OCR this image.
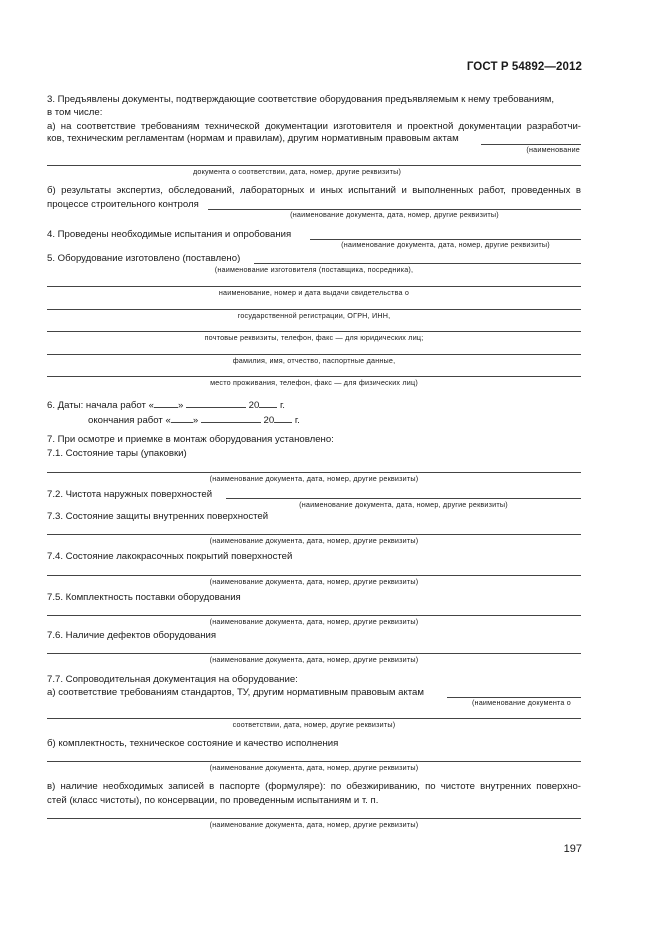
ГОСТ Р 54892—2012
3. Предъявлены документы, подтверждающие соответствие оборудования предъявляемым к нему требованиям,
в том числе:
а) на соответствие требованиям технической документации изготовителя и проектной документации разработчи-
ков, техническим регламентам (нормам и правилам), другим нормативным правовым актам
(наименование
документа о соответствии, дата, номер, другие реквизиты)
б) результаты экспертиз, обследований, лабораторных и иных испытаний и выполненных работ, проведенных в
процессе строительного контроля
(наименование документа, дата, номер, другие реквизиты)
4. Проведены необходимые испытания и опробования
(наименование документа, дата, номер, другие реквизиты)
5. Оборудование изготовлено (поставлено)
(наименование изготовителя (поставщика, посредника),
наименование, номер и дата выдачи свидетельства о
государственной регистрации, ОГРН, ИНН,
почтовые реквизиты, телефон, факс — для юридических лиц;
фамилия, имя, отчество, паспортные данные,
место проживания, телефон, факс — для физических лиц)
6. Даты: начала работ «	»	20 г.
окончания работ « »	20 г.
7. При осмотре и приемке в монтаж оборудования установлено:
7.1. Состояние тары (упаковки)
(наименование документа, дата, номер, другие реквизиты)
7.2. Чистота наружных поверхностей
(наименование документа, дата, номер, другие реквизиты)
7.3. Состояние защиты внутренних поверхностей
(наименование документа, дата, номер, другие реквизиты)
7.4. Состояние лакокрасочных покрытий поверхностей
(наименование документа, дата, номер, другие реквизиты)
7.5. Комплектность поставки оборудования
(наименование документа, дата, номер, другие реквизиты)
7.6. Наличие дефектов оборудования
(наименование документа, дата, номер, другие реквизиты)
7.7. Сопроводительная документация на оборудование:
а) соответствие требованиям стандартов, ТУ, другим нормативным правовым актам
(наименование документа о
соответствии, дата, номер, другие реквизиты)
б) комплектность, техническое состояние и качество исполнения
(наименование документа, дата, номер, другие реквизиты)
в) наличие необходимых записей в паспорте (формуляре): по обезжириванию, по чистоте внутренних поверхно-
стей (класс чистоты), по консервации, по проведенным испытаниям и т. п.
(наименование документа, дата, номер, другие реквизиты)
197
